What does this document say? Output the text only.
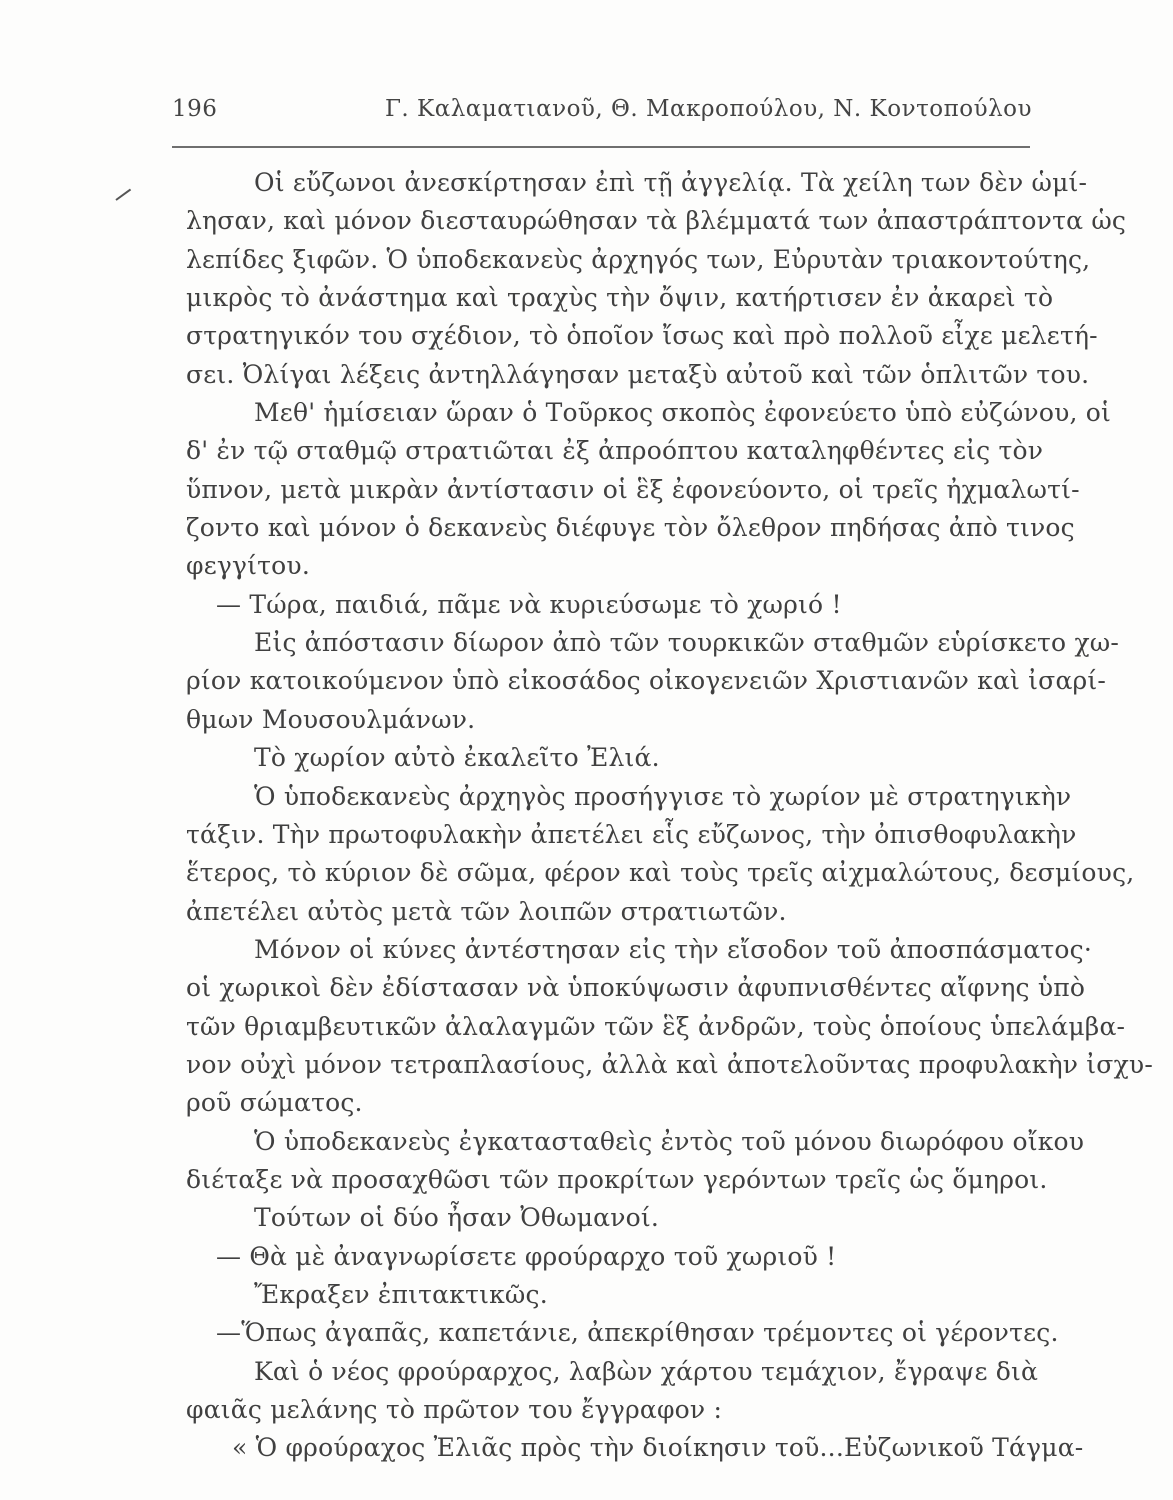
196	Γ. Καλαματιανοῦ, Θ. Μακροπούλου, Ν. Κοντοπούλου
Οἱ εὔζωνοι ἀνεσκίρτησαν ἐπὶ τῇ ἀγγελίᾳ. Τὰ χείλη των δὲν ὡμί-
λησαν, καὶ μόνον διεσταυρώθησαν τὰ βλέμματά των ἀπαστράπτοντα ὡς
λεπίδες ξιφῶν. Ὁ ὑποδεκανεὺς ἀρχηγός των, Εὐρυτὰν τριακοντούτης,
μικρὸς τὸ ἀνάστημα καὶ τραχὺς τὴν ὄψιν, κατήρτισεν ἐν ἀκαρεὶ τὸ
στρατηγικόν του σχέδιον, τὸ ὁποῖον ἴσως καὶ πρὸ πολλοῦ εἶχε μελετή-
σει. Ὀλίγαι λέξεις ἀντηλλάγησαν μεταξὺ αὐτοῦ καὶ τῶν ὁπλιτῶν του.
Μεθ' ἡμίσειαν ὥραν ὁ Τοῦρκος σκοπὸς ἐφονεύετο ὑπὸ εὐζώνου, οἱ
δ' ἐν τῷ σταθμῷ στρατιῶται ἐξ ἀπροόπτου καταληφθέντες εἰς τὸν
ὕπνον, μετὰ μικρὰν ἀντίστασιν οἱ ἓξ ἐφονεύοντο, οἱ τρεῖς ἠχμαλωτί-
ζοντο καὶ μόνον ὁ δεκανεὺς διέφυγε τὸν ὄλεθρον πηδήσας ἀπὸ τινος
φεγγίτου.
— Τώρα, παιδιά, πᾶμε νὰ κυριεύσωμε τὸ χωριό !
Εἰς ἀπόστασιν δίωρον ἀπὸ τῶν τουρκικῶν σταθμῶν εὑρίσκετο χω-
ρίον κατοικούμενον ὑπὸ εἰκοσάδος οἰκογενειῶν Χριστιανῶν καὶ ἰσαρί-
θμων Μουσουλμάνων.
Τὸ χωρίον αὐτὸ ἐκαλεῖτο Ἐλιά.
Ὁ ὑποδεκανεὺς ἀρχηγὸς προσήγγισε τὸ χωρίον μὲ στρατηγικὴν
τάξιν. Τὴν πρωτοφυλακὴν ἀπετέλει εἷς εὔζωνος, τὴν ὀπισθοφυλακὴν
ἕτερος, τὸ κύριον δὲ σῶμα, φέρον καὶ τοὺς τρεῖς αἰχμαλώτους, δεσμίους,
ἀπετέλει αὐτὸς μετὰ τῶν λοιπῶν στρατιωτῶν.
Μόνον οἱ κύνες ἀντέστησαν εἰς τὴν εἴσοδον τοῦ ἀποσπάσματος·
οἱ χωρικοὶ δὲν ἐδίστασαν νὰ ὑποκύψωσιν ἀφυπνισθέντες αἴφνης ὑπὸ
τῶν θριαμβευτικῶν ἀλαλαγμῶν τῶν ἓξ ἀνδρῶν, τοὺς ὁποίους ὑπελάμβα-
νον οὐχὶ μόνον τετραπλασίους, ἀλλὰ καὶ ἀποτελοῦντας προφυλακὴν ἰσχυ-
ροῦ σώματος.
Ὁ ὑποδεκανεὺς ἐγκατασταθεὶς ἐντὸς τοῦ μόνου διωρόφου οἴκου
διέταξε νὰ προσαχθῶσι τῶν προκρίτων γερόντων τρεῖς ὡς ὅμηροι.
Τούτων οἱ δύο ἦσαν Ὀθωμανοί.
— Θὰ μὲ ἀναγνωρίσετε φρούραρχο τοῦ χωριοῦ !
Ἔκραξεν ἐπιτακτικῶς.
—Ὅπως ἀγαπᾶς, καπετάνιε, ἀπεκρίθησαν τρέμοντες οἱ γέροντες.
Καὶ ὁ νέος φρούραρχος, λαβὼν χάρτου τεμάχιον, ἔγραψε διὰ
φαιᾶς μελάνης τὸ πρῶτον του ἔγγραφον :
« Ὁ φρούραχος Ἐλιᾶς πρὸς τὴν διοίκησιν τοῦ...Εὐζωνικοῦ Τάγμα-
